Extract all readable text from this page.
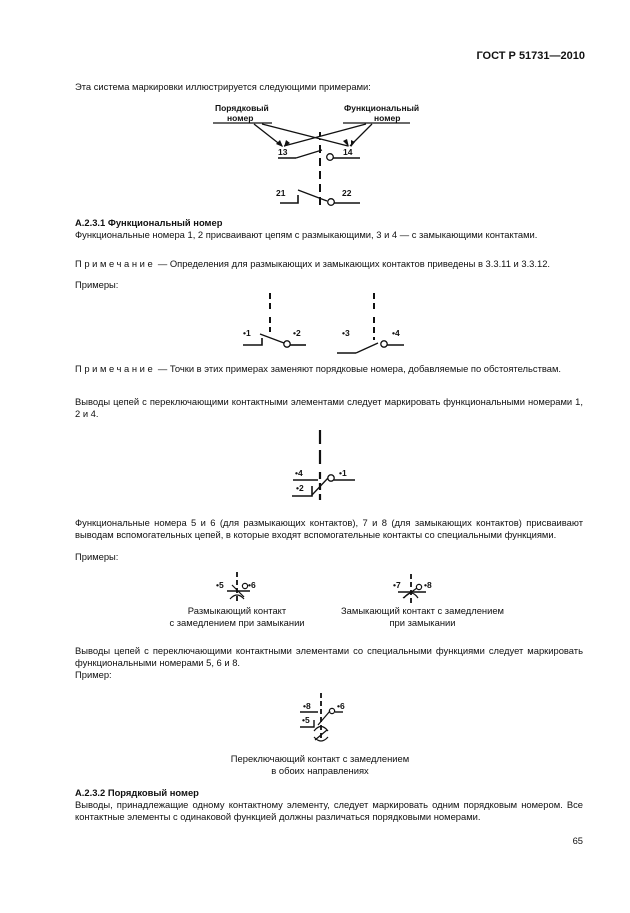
ГОСТ Р 51731—2010
Эта система маркировки иллюстрируется следующими примерами:
Порядковый
номер
Функциональный
номер
13	14
21	22
А.2.3.1 Функциональный номер
Функциональные номера 1, 2 присваивают цепям с размыкающими, 3 и 4 — с замыкающими контактами.
Примечание — Определения для размыкающих и замыкающих контактов приведены в 3.3.11 и 3.3.12.
Примеры:
•1	•2	•3	•4
Примечание — Точки в этих примерах заменяют порядковые номера, добавляемые по обстоятельствам.
Выводы цепей с переключающими контактными элементами следует маркировать функциональными номерами 1, 2 и 4.
•4	•1
•2
Функциональные номера 5 и 6 (для размыкающих контактов), 7 и 8 (для замыкающих контактов) присваивают выводам вспомогательных цепей, в которые входят вспомогательные контакты со специальными функциями.
Примеры:
•5	•6	•7	•8
Размыкающий контакт
с замедлением при замыкании
Замыкающий контакт с замедлением
при замыкании
Выводы цепей с переключающими контактными элементами со специальными функциями следует маркировать функциональными номерами 5, 6 и 8.
Пример:
•8	•6
•5
Переключающий контакт с замедлением
в обоих направлениях
А.2.3.2 Порядковый номер
Выводы, принадлежащие одному контактному элементу, следует маркировать одним порядковым номером. Все контактные элементы с одинаковой функцией должны различаться порядковыми номерами.
65
